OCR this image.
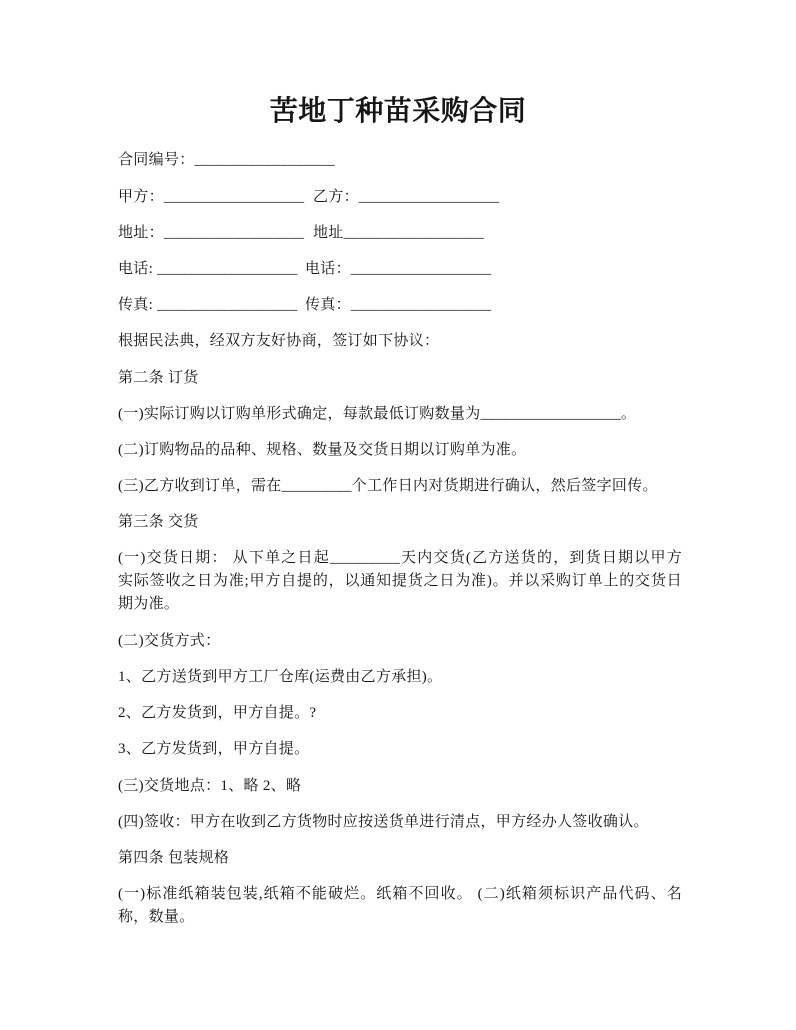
苦地丁种苗采购合同
合同编号：__________________
甲方：__________________ 乙方：__________________
地址：__________________ 地址__________________
电话: __________________ 电话：__________________
传真: __________________ 传真：__________________
根据民法典，经双方友好协商，签订如下协议：
第二条 订货
(一)实际订购以订购单形式确定，每款最低订购数量为__________________。
(二)订购物品的品种、规格、数量及交货日期以订购单为准。
(三)乙方收到订单，需在_________个工作日内对货期进行确认，然后签字回传。
第三条 交货
(一)交货日期： 从下单之日起_________天内交货(乙方送货的，到货日期以甲方
实际签收之日为准;甲方自提的，以通知提货之日为准)。并以采购订单上的交货日
期为准。
(二)交货方式：
1、乙方送货到甲方工厂仓库(运费由乙方承担)。
2、乙方发货到，甲方自提。?
3、乙方发货到，甲方自提。
(三)交货地点：1、略 2、略
(四)签收：甲方在收到乙方货物时应按送货单进行清点，甲方经办人签收确认。
第四条 包装规格
(一)标准纸箱装包装,纸箱不能破烂。纸箱不回收。 (二)纸箱须标识产品代码、名
称，数量。
